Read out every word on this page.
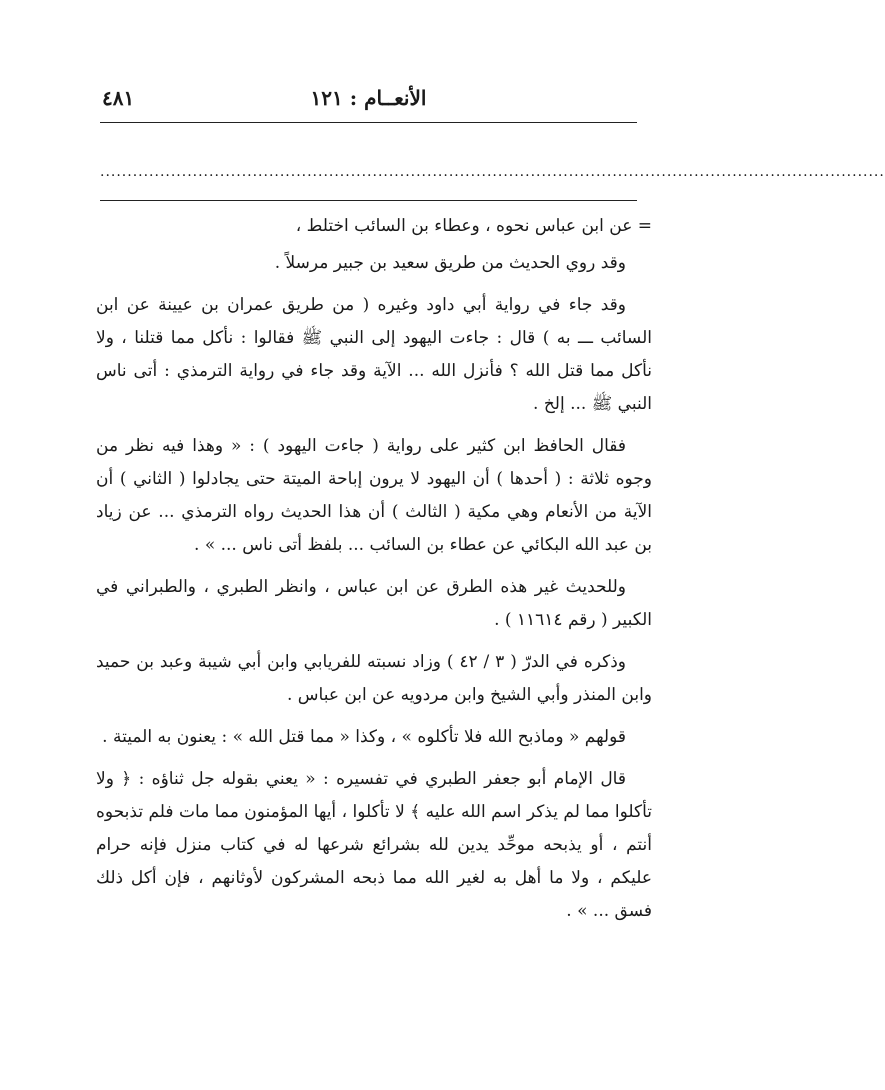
الأنعــام : ١٢١
٤٨١
................................................................................................................................................

= عن ابن عباس نحوه ، وعطاء بن السائب اختلط ،

وقد روي الحديث من طريق سعيد بن جبير مرسلاً .

وقد جاء في رواية أبي داود وغيره ( من طريق عمران بن عيينة عن ابن السائب ـــ به ) قال : جاءت اليهود إلى النبي ﷺ فقالوا : نأكل مما قتلنا ، ولا نأكل مما قتل الله ؟ فأنزل الله ... الآية وقد جاء في رواية الترمذي : أتى ناس النبي ﷺ ... إلخ .

فقال الحافظ ابن كثير على رواية ( جاءت اليهود ) : « وهذا فيه نظر من وجوه ثلاثة : ( أحدها ) أن اليهود لا يرون إباحة الميتة حتى يجادلوا ( الثاني ) أن الآية من الأنعام وهي مكية ( الثالث ) أن هذا الحديث رواه الترمذي ... عن زياد بن عبد الله البكائي عن عطاء بن السائب ... بلفظ أتى ناس ... » .

وللحديث غير هذه الطرق عن ابن عباس ، وانظر الطبري ، والطبراني في الكبير ( رقم ١١٦١٤ ) .

وذكره في الدرّ ( ٣ / ٤٢ ) وزاد نسبته للفريابي وابن أبي شيبة وعبد بن حميد وابن المنذر وأبي الشيخ وابن مردويه عن ابن عباس .

قولهم « وماذبح الله فلا تأكلوه » ، وكذا « مما قتل الله » : يعنون به الميتة .

قال الإمام أبو جعفر الطبري في تفسيره : « يعني بقوله جل ثناؤه : ﴿ ولا تأكلوا مما لم يذكر اسم الله عليه ﴾ لا تأكلوا ، أيها المؤمنون مما مات فلم تذبحوه أنتم ، أو يذبحه موحِّد يدين لله بشرائع شرعها له في كتاب منزل فإنه حرام عليكم ، ولا ما أهل به لغير الله مما ذبحه المشركون لأوثانهم ، فإن أكل ذلك فسق ... » .
